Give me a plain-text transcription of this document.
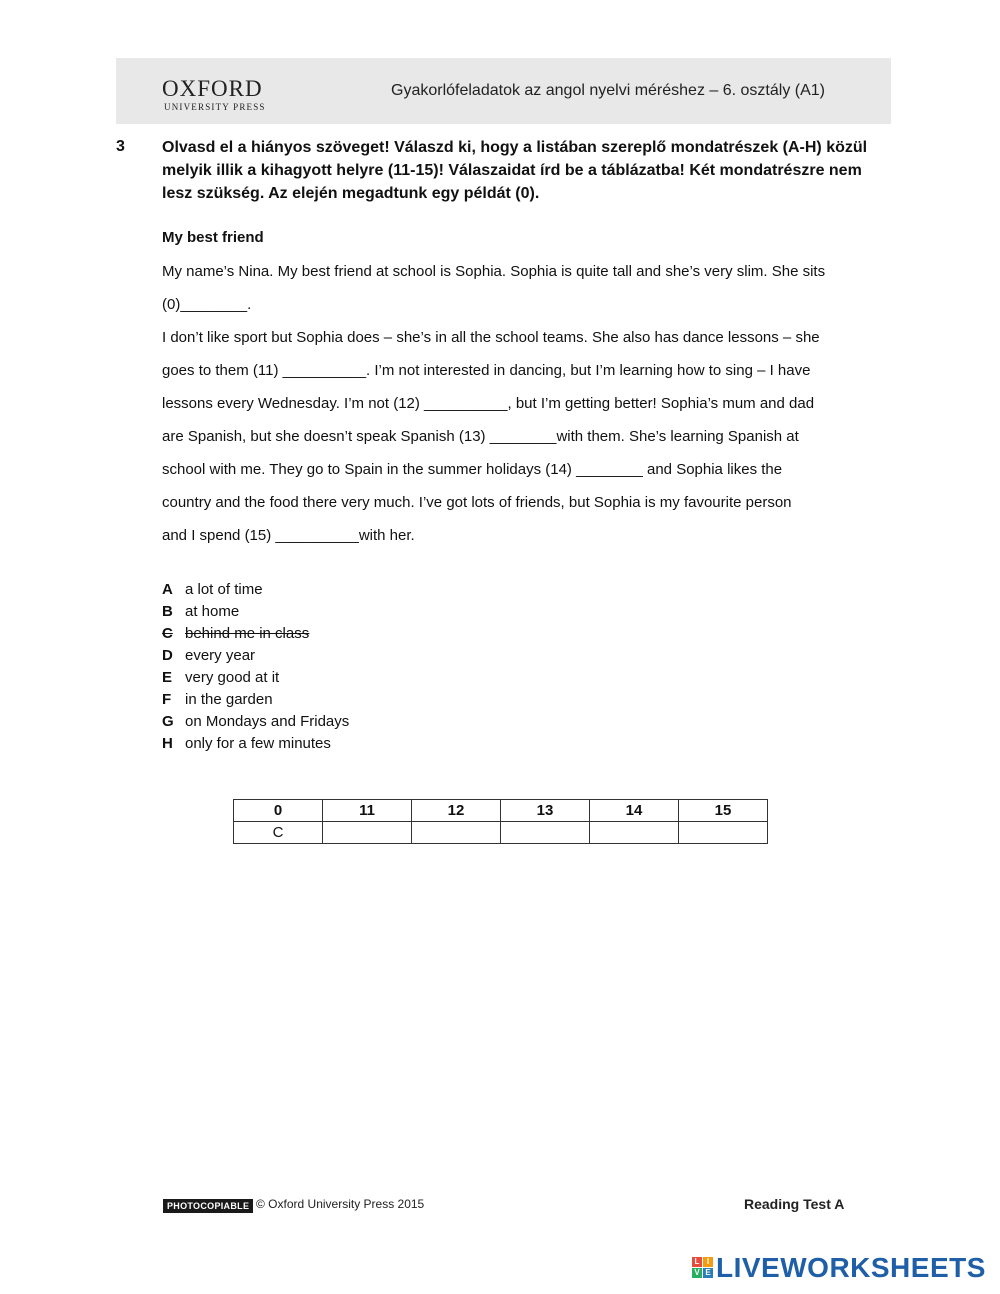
OXFORD
UNIVERSITY PRESS
Gyakorlófeladatok az angol nyelvi méréshez – 6. osztály (A1)
3 Olvasd el a hiányos szöveget! Válaszd ki, hogy a listában szereplő mondatrészek (A-H) közül melyik illik a kihagyott helyre (11-15)! Válaszaidat írd be a táblázatba! Két mondatrészre nem lesz szükség. Az elején megadtunk egy példát (0).

My best friend
My name’s Nina. My best friend at school is Sophia. Sophia is quite tall and she’s very slim. She sits
(0)________.
I don’t like sport but Sophia does – she’s in all the school teams. She also has dance lessons – she
goes to them (11) __________. I’m not interested in dancing, but I’m learning how to sing – I have
lessons every Wednesday. I’m not (12) __________, but I’m getting better! Sophia’s mum and dad
are Spanish, but she doesn’t speak Spanish (13) ________with them. She’s learning Spanish at
school with me. They go to Spain in the summer holidays (14) ________ and Sophia likes the
country and the food there very much. I’ve got lots of friends, but Sophia is my favourite person
and I spend (15) __________with her.
A a lot of time
B at home
C behind me in class
D every year
E very good at it
F in the garden
G on Mondays and Fridays
H only for a few minutes
0	11	12	13	14	15
C					
PHOTOCOPIABLE © Oxford University Press 2015	Reading Test A
L I
V E LIVEWORKSHEETS
